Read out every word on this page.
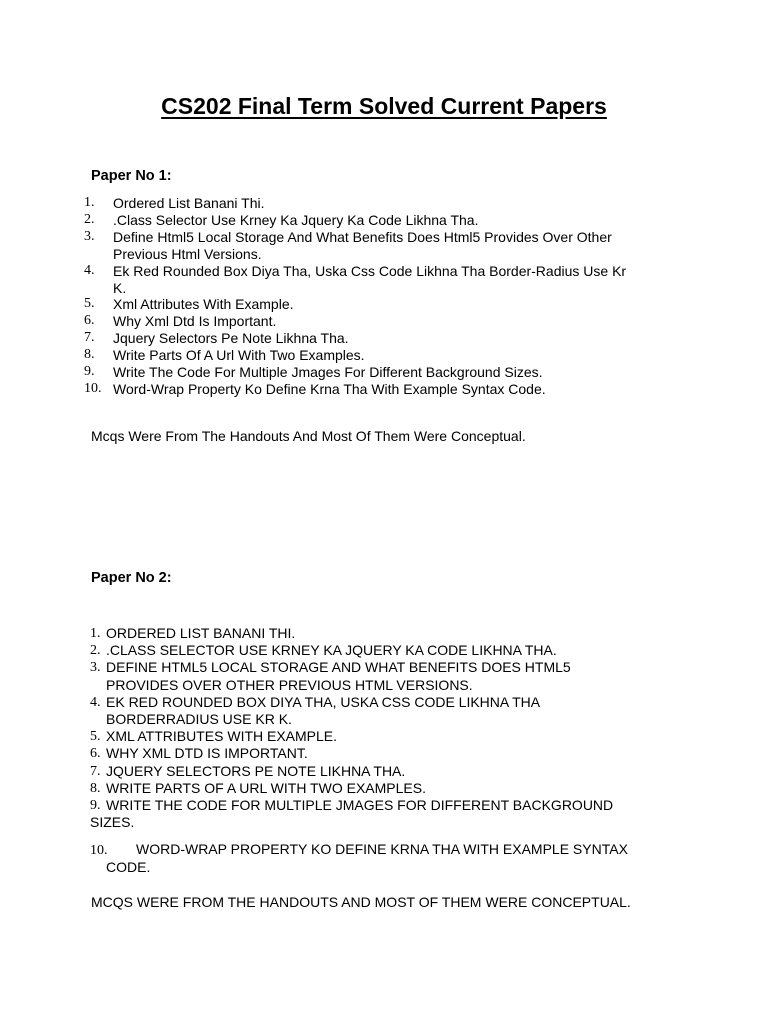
CS202 Final Term Solved Current Papers
Paper No 1:
1.	Ordered List Banani Thi.
2.	.Class Selector Use Krney Ka Jquery Ka Code Likhna Tha.
3.	Define Html5 Local Storage And What Benefits Does Html5 Provides Over Other
Previous Html Versions.
4.	Ek Red Rounded Box Diya Tha, Uska Css Code Likhna Tha Border-Radius Use Kr
K.
5.	Xml Attributes With Example.
6.	Why Xml Dtd Is Important.
7.	Jquery Selectors Pe Note Likhna Tha.
8.	Write Parts Of A Url With Two Examples.
9.	Write The Code For Multiple Jmages For Different Background Sizes.
10. Word-Wrap Property Ko Define Krna Tha With Example Syntax Code.
Mcqs Were From The Handouts And Most Of Them Were Conceptual.
Paper No 2:
1. ORDERED LIST BANANI THI.
2. .CLASS SELECTOR USE KRNEY KA JQUERY KA CODE LIKHNA THA.
3. DEFINE HTML5 LOCAL STORAGE AND WHAT BENEFITS DOES HTML5
PROVIDES OVER OTHER PREVIOUS HTML VERSIONS.
4. EK RED ROUNDED BOX DIYA THA, USKA CSS CODE LIKHNA THA
BORDERRADIUS USE KR K.
5. XML ATTRIBUTES WITH EXAMPLE.
6. WHY XML DTD IS IMPORTANT.
7. JQUERY SELECTORS PE NOTE LIKHNA THA.
8. WRITE PARTS OF A URL WITH TWO EXAMPLES.
9. WRITE THE CODE FOR MULTIPLE JMAGES FOR DIFFERENT BACKGROUND
SIZES.
10. WORD-WRAP PROPERTY KO DEFINE KRNA THA WITH EXAMPLE SYNTAX
CODE.
MCQS WERE FROM THE HANDOUTS AND MOST OF THEM WERE CONCEPTUAL.
